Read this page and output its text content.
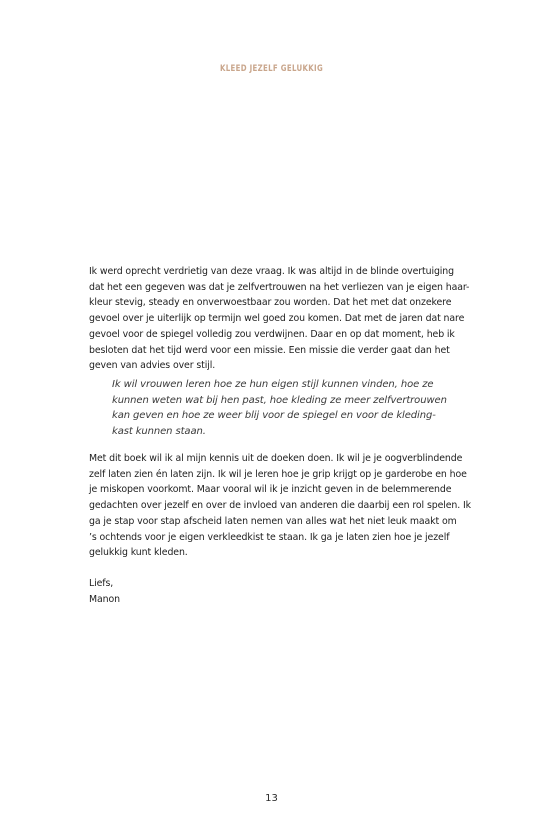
KLEED JEZELF GELUKKIG
Ik werd oprecht verdrietig van deze vraag. Ik was altijd in de blinde overtuiging
dat het een gegeven was dat je zelfvertrouwen na het verliezen van je eigen haar-
kleur stevig, steady en onverwoestbaar zou worden. Dat het met dat onzekere
gevoel over je uiterlijk op termijn wel goed zou komen. Dat met de jaren dat nare
gevoel voor de spiegel volledig zou verdwijnen. Daar en op dat moment, heb ik
besloten dat het tijd werd voor een missie. Een missie die verder gaat dan het
geven van advies over stijl.
Ik wil vrouwen leren hoe ze hun eigen stijl kunnen vinden, hoe ze
kunnen weten wat bij hen past, hoe kleding ze meer zelfvertrouwen
kan geven en hoe ze weer blij voor de spiegel en voor de kleding-
kast kunnen staan.
Met dit boek wil ik al mijn kennis uit de doeken doen. Ik wil je je oogverblindende
zelf laten zien én laten zijn. Ik wil je leren hoe je grip krijgt op je garderobe en hoe
je miskopen voorkomt. Maar vooral wil ik je inzicht geven in de belemmerende
gedachten over jezelf en over de invloed van anderen die daarbij een rol spelen. Ik
ga je stap voor stap afscheid laten nemen van alles wat het niet leuk maakt om
’s ochtends voor je eigen verkleedkist te staan. Ik ga je laten zien hoe je jezelf
gelukkig kunt kleden.
Liefs,
Manon
13
